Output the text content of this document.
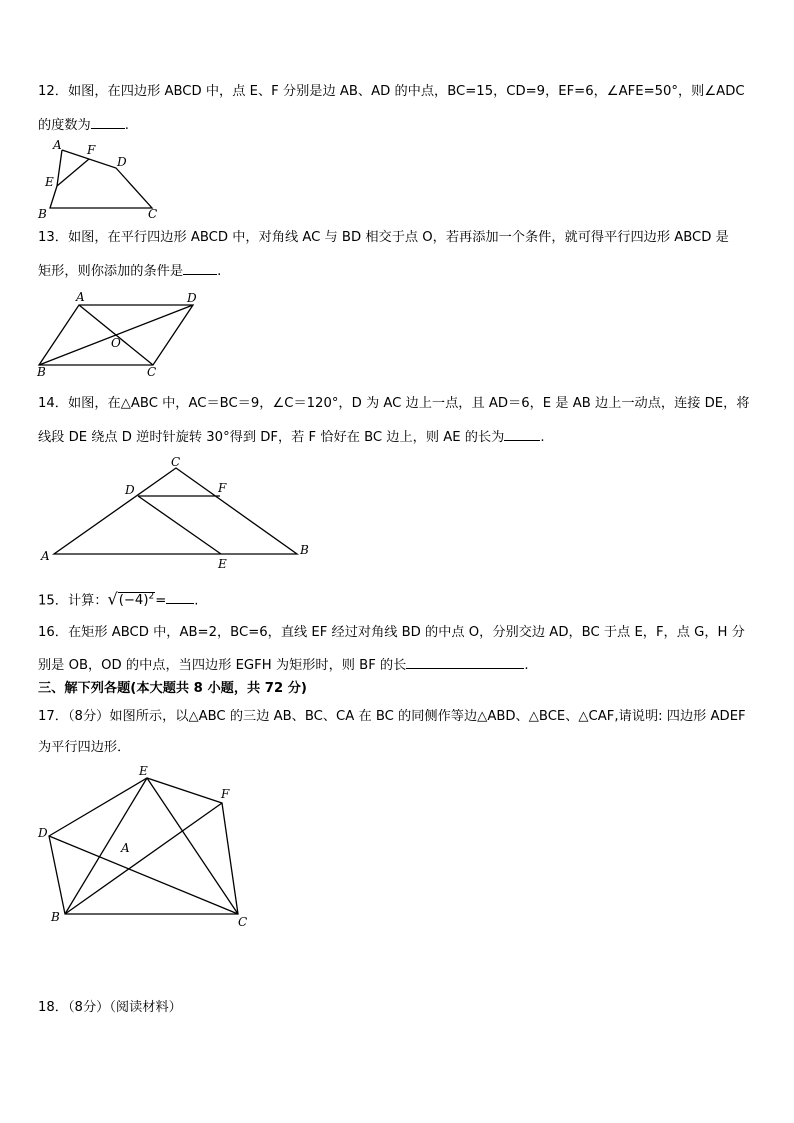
12．如图，在四边形 ABCD 中，点 E、F 分别是边 AB、AD 的中点，BC=15，CD=9，EF=6，∠AFE=50°，则∠ADC
的度数为	.
A F
D
E
B	C
13．如图，在平行四边形 ABCD 中，对角线 AC 与 BD 相交于点 O，若再添加一个条件，就可得平行四边形 ABCD 是
矩形，则你添加的条件是	.
A	D
O
B	C
14．如图，在△ABC 中，AC＝BC＝9，∠C＝120°，D 为 AC 边上一点，且 AD＝6，E 是 AB 边上一动点，连接 DE，将
线段 DE 绕点 D 逆时针旋转 30°得到 DF，若 F 恰好在 BC 边上，则 AE 的长为	.
C
D	F
A
E
B
15．计算：$√(-4)^2=$ .
16．在矩形 ABCD 中，AB=2，BC=6，直线 EF 经过对角线 BD 的中点 O，分别交边 AD，BC 于点 E，F，点 G，H 分
别是 OB，OD 的中点，当四边形 EGFH 为矩形时，则 BF 的长	.
三、解下列各题(本大题共 8 小题，共 72 分)
17．（8分）如图所示，以△ABC 的三边 AB、BC、CA 在 BC 的同侧作等边△ABD、△BCE、△CAF,请说明: 四边形 ADEF
为平行四边形．
E
F
D
A
B	C
18．（8分）（阅读材料）
